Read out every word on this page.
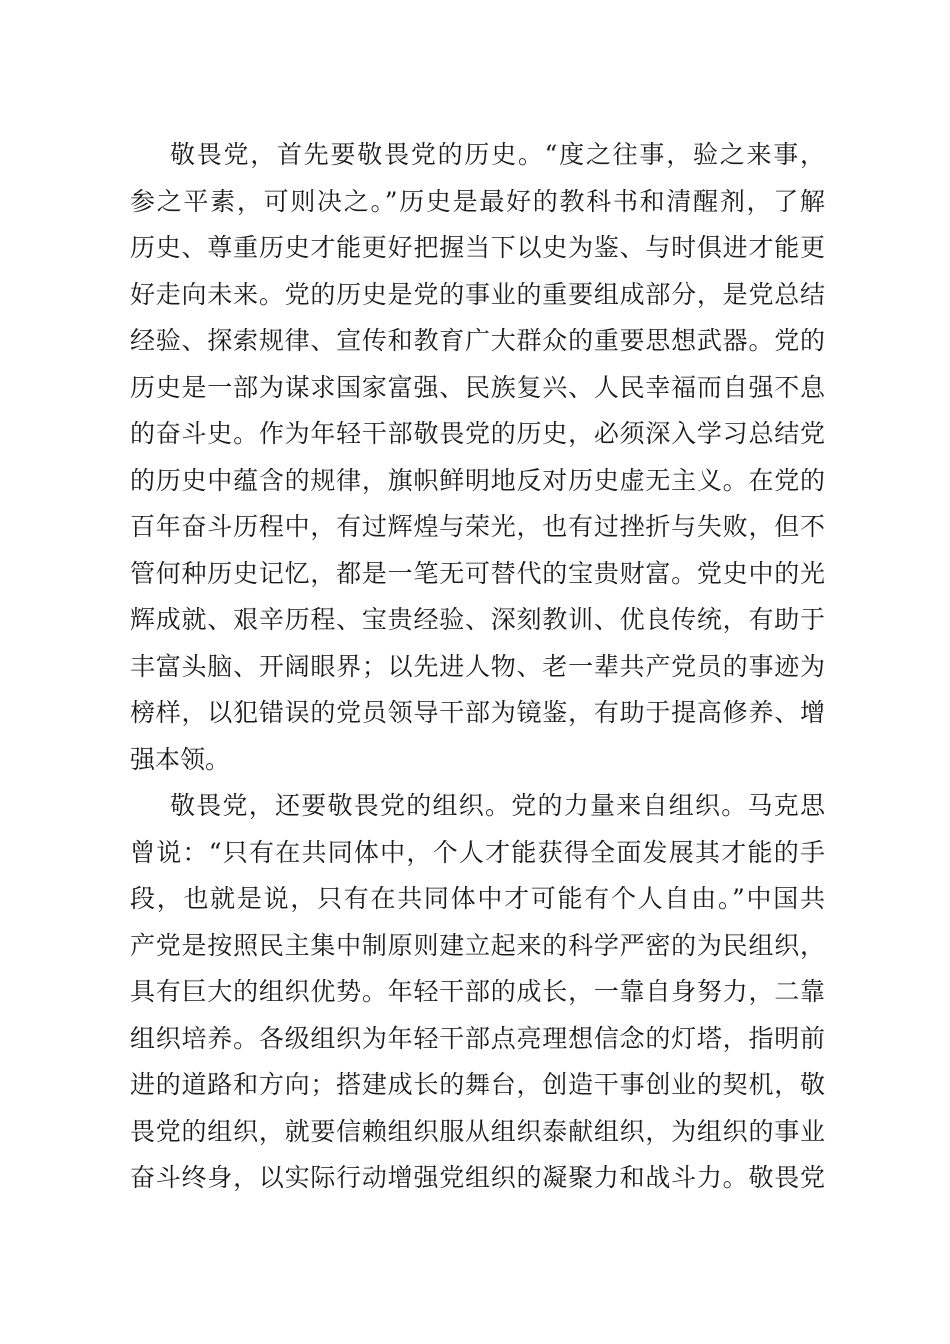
敬畏党，首先要敬畏党的历史。“度之往事，验之来事，
参之平素，可则决之。”历史是最好的教科书和清醒剂，了解
历史、尊重历史才能更好把握当下以史为鉴、与时俱进才能更
好走向未来。党的历史是党的事业的重要组成部分，是党总结
经验、探索规律、宣传和教育广大群众的重要思想武器。党的
历史是一部为谋求国家富强、民族复兴、人民幸福而自强不息
的奋斗史。作为年轻干部敬畏党的历史，必须深入学习总结党
的历史中蕴含的规律，旗帜鲜明地反对历史虚无主义。在党的
百年奋斗历程中，有过辉煌与荣光，也有过挫折与失败，但不
管何种历史记忆，都是一笔无可替代的宝贵财富。党史中的光
辉成就、艰辛历程、宝贵经验、深刻教训、优良传统，有助于
丰富头脑、开阔眼界；以先进人物、老一辈共产党员的事迹为
榜样，以犯错误的党员领导干部为镜鉴，有助于提高修养、增
强本领。
敬畏党，还要敬畏党的组织。党的力量来自组织。马克思
曾说：“只有在共同体中，个人才能获得全面发展其才能的手
段，也就是说，只有在共同体中才可能有个人自由。”中国共
产党是按照民主集中制原则建立起来的科学严密的为民组织，
具有巨大的组织优势。年轻干部的成长，一靠自身努力，二靠
组织培养。各级组织为年轻干部点亮理想信念的灯塔，指明前
进的道路和方向；搭建成长的舞台，创造干事创业的契机，敬
畏党的组织，就要信赖组织服从组织泰献组织，为组织的事业
奋斗终身，以实际行动增强党组织的凝聚力和战斗力。敬畏党
